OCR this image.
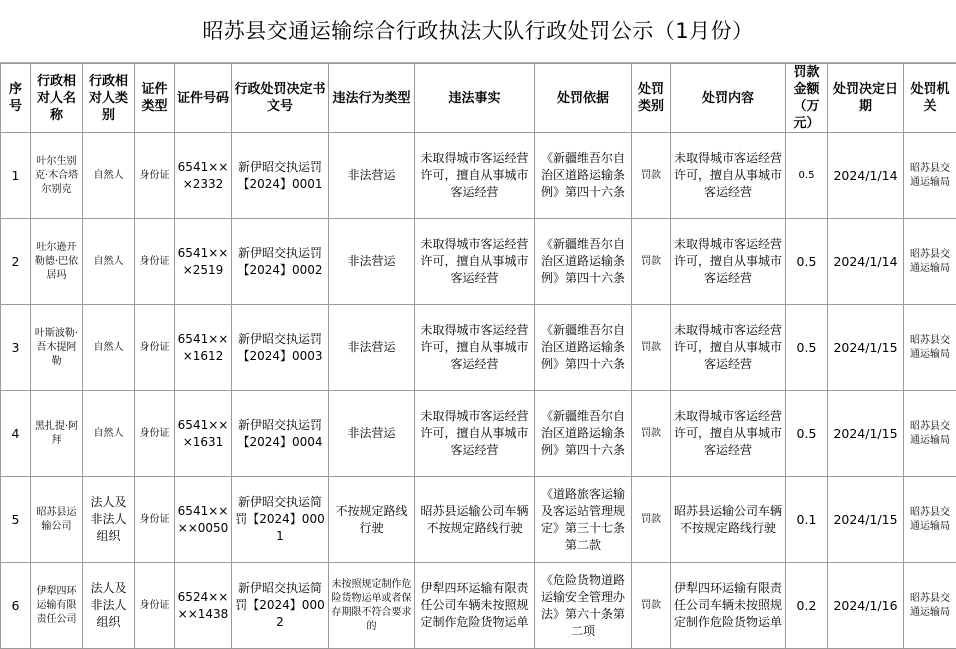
昭苏县交通运输综合行政执法大队行政处罚公示（1月份）
序号	行政相对人名称	行政相对人类别	证件类型	证件号码	行政处罚决定书文号	违法行为类型	违法事实	处罚依据	处罚类别	处罚内容	罚款金额（万元）	处罚决定日期	处罚机关
1	叶尔生别克·木合塔尔别克	自然人	身份证	6541×××2332	新伊昭交执运罚【2024】0001	非法营运	未取得城市客运经营许可，擅自从事城市客运经营	《新疆维吾尔自治区道路运输条例》第四十六条	罚款	未取得城市客运经营许可，擅自从事城市客运经营	0.5	2024/1/14	昭苏县交通运输局
2	吐尔逊开勒德·巴依居玛	自然人	身份证	6541×××2519	新伊昭交执运罚【2024】0002	非法营运	未取得城市客运经营许可，擅自从事城市客运经营	《新疆维吾尔自治区道路运输条例》第四十六条	罚款	未取得城市客运经营许可，擅自从事城市客运经营	0.5	2024/1/14	昭苏县交通运输局
3	叶斯波勒·吾木提阿勒	自然人	身份证	6541×××1612	新伊昭交执运罚【2024】0003	非法营运	未取得城市客运经营许可，擅自从事城市客运经营	《新疆维吾尔自治区道路运输条例》第四十六条	罚款	未取得城市客运经营许可，擅自从事城市客运经营	0.5	2024/1/15	昭苏县交通运输局
4	黑扎提·阿拜	自然人	身份证	6541×××1631	新伊昭交执运罚【2024】0004	非法营运	未取得城市客运经营许可，擅自从事城市客运经营	《新疆维吾尔自治区道路运输条例》第四十六条	罚款	未取得城市客运经营许可，擅自从事城市客运经营	0.5	2024/1/15	昭苏县交通运输局
5	昭苏县运输公司	法人及非法人组织	身份证	6541××××0050	新伊昭交执运简罚【2024】0001	不按规定路线行驶	昭苏县运输公司车辆不按规定路线行驶	《道路旅客运输及客运站管理规定》第三十七条第二款	罚款	昭苏县运输公司车辆不按规定路线行驶	0.1	2024/1/15	昭苏县交通运输局
6	伊犁四环运输有限责任公司	法人及非法人组织	身份证	6524××××1438	新伊昭交执运简罚【2024】0002	未按照规定制作危险货物运单或者保存期限不符合要求的	伊犁四环运输有限责任公司车辆未按照规定制作危险货物运单	《危险货物道路运输安全管理办法》第六十条第二项	罚款	伊犁四环运输有限责任公司车辆未按照规定制作危险货物运单	0.2	2024/1/16	昭苏县交通运输局
